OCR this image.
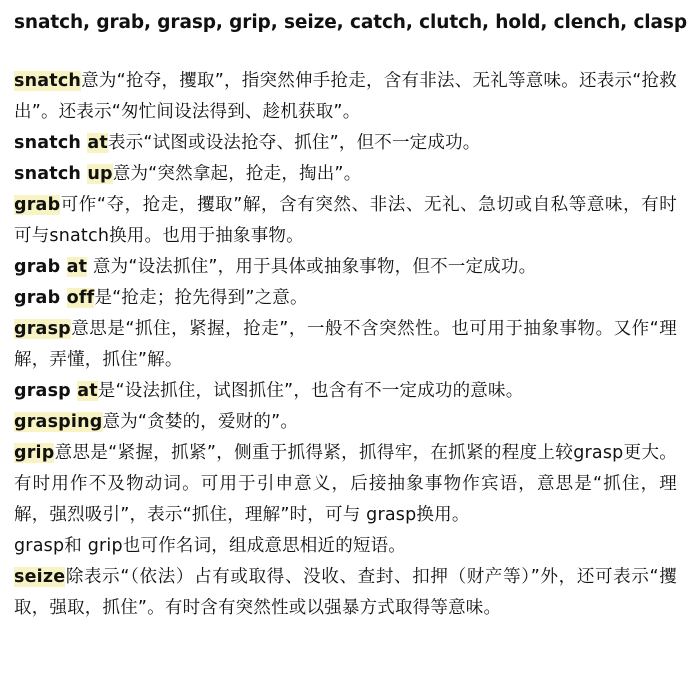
snatch, grab, grasp, grip, seize, catch, clutch, hold, clench, clasp

snatch意为“抢夺，攫取”，指突然伸手抢走，含有非法、无礼等意味。还表示“抢救出”。还表示“匆忙间设法得到、趁机获取”。

snatch at表示“试图或设法抢夺、抓住”，但不一定成功。

snatch up意为“突然拿起，抢走，掏出”。

grab可作“夺，抢走，攫取”解，含有突然、非法、无礼、急切或自私等意味，有时可与snatch换用。也用于抽象事物。

grab at 意为“设法抓住”，用于具体或抽象事物，但不一定成功。

grab off是“抢走；抢先得到”之意。

grasp意思是“抓住，紧握，抢走”，一般不含突然性。也可用于抽象事物。又作“理解，弄懂，抓住”解。

grasp at是“设法抓住，试图抓住”，也含有不一定成功的意味。

grasping意为“贪婪的，爱财的”。

grip意思是“紧握，抓紧”，侧重于抓得紧，抓得牢，在抓紧的程度上较grasp更大。有时用作不及物动词。可用于引申意义，后接抽象事物作宾语，意思是“抓住，理解，强烈吸引”，表示“抓住，理解”时，可与 grasp换用。

grasp和 grip也可作名词，组成意思相近的短语。

seize除表示“（依法）占有或取得、没收、查封、扣押（财产等）”外，还可表示“攫取，强取，抓住”。有时含有突然性或以强暴方式取得等意味。
